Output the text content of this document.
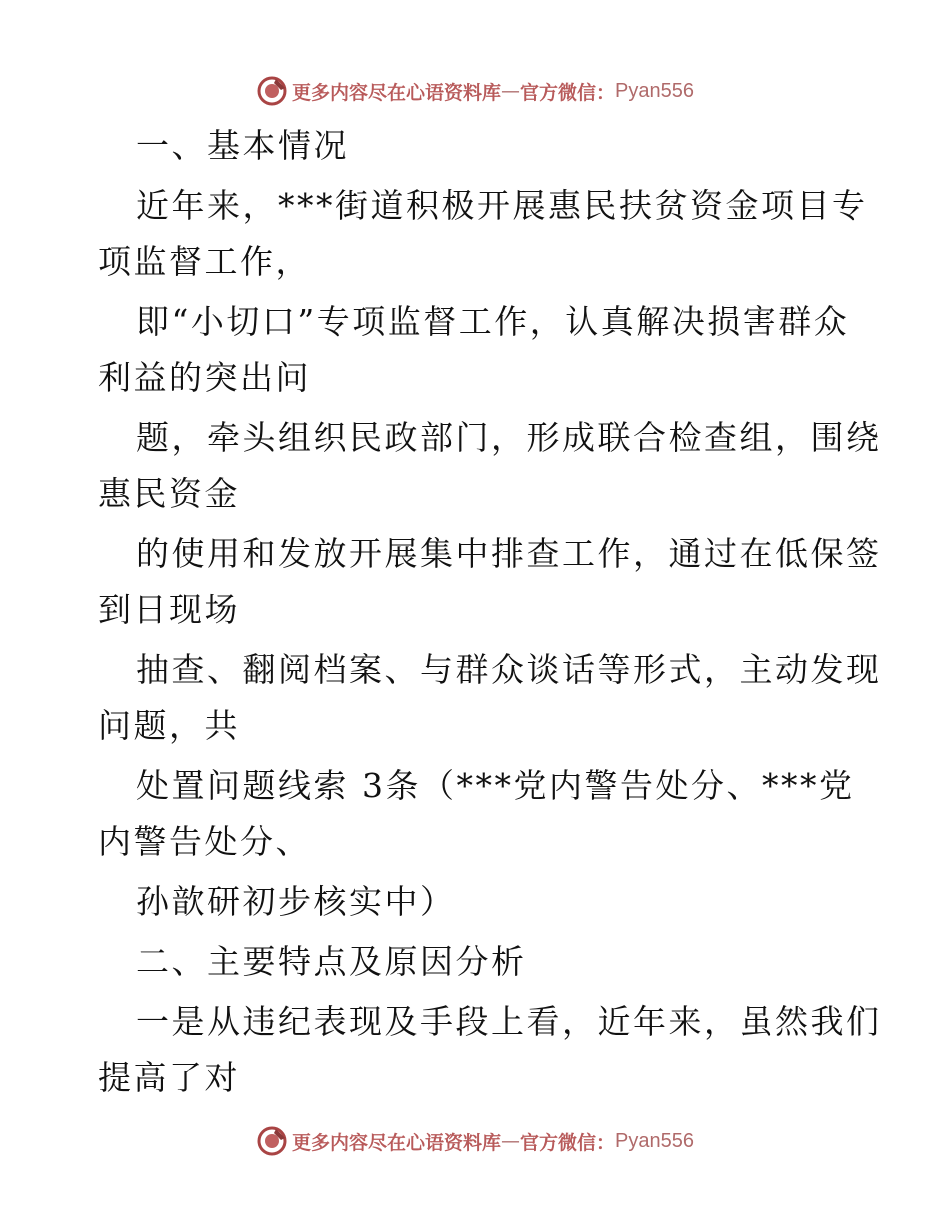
更多内容尽在心语资料库 — 官方微信： Pyan556
一、基本情况
近年来，***街道积极开展惠民扶贫资金项目专
项监督工作，
即“小切口”专项监督工作，认真解决损害群众
利益的突出问
题，牵头组织民政部门，形成联合检查组，围绕
惠民资金
的使用和发放开展集中排查工作，通过在低保签
到日现场
抽查、翻阅档案、与群众谈话等形式，主动发现
问题，共
处置问题线索 3条（***党内警告处分、***党
内警告处分、
孙歆研初步核实中）
二、主要特点及原因分析
一是从违纪表现及手段上看，近年来，虽然我们
提高了对
更多内容尽在心语资料库 — 官方微信： Pyan556
